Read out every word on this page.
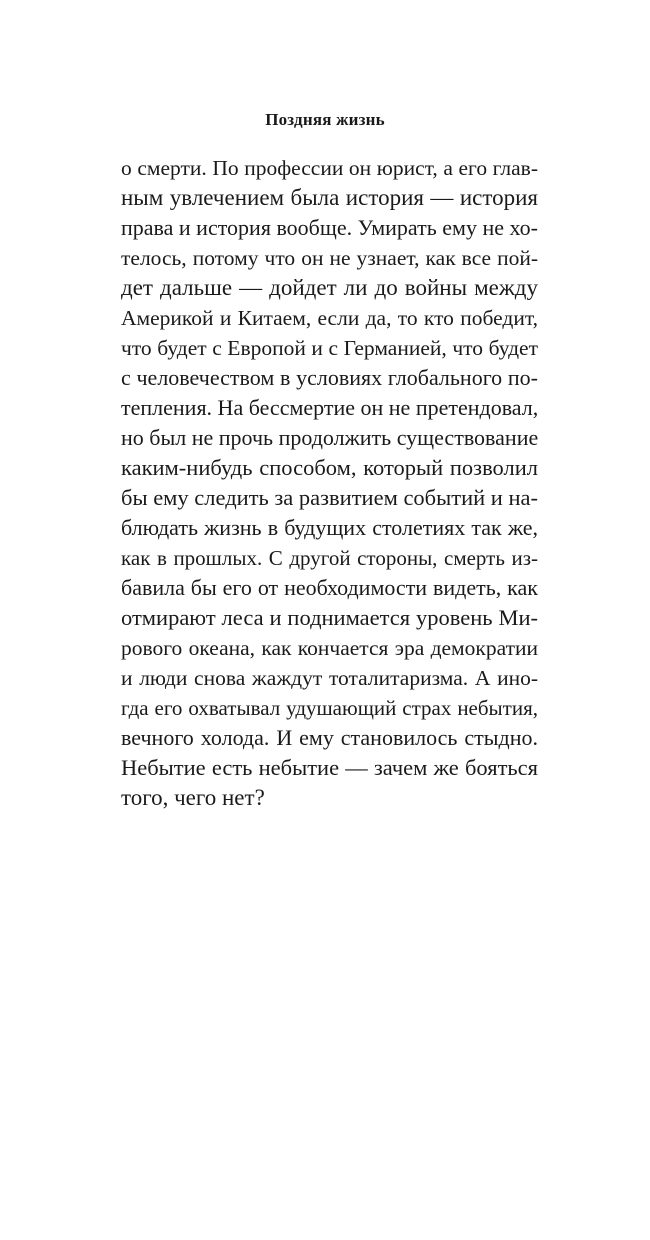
Поздняя жизнь
о смерти. По профессии он юрист, а его глав-
ным увлечением была история — история
права и история вообще. Умирать ему не хо-
телось, потому что он не узнает, как все пой-
дет дальше — дойдет ли до войны между
Америкой и Китаем, если да, то кто победит,
что будет с Европой и с Германией, что будет
с человечеством в условиях глобального по-
тепления. На бессмертие он не претендовал,
но был не прочь продолжить существование
каким-нибудь способом, который позволил
бы ему следить за развитием событий и на-
блюдать жизнь в будущих столетиях так же,
как в прошлых. С другой стороны, смерть из-
бавила бы его от необходимости видеть, как
отмирают леса и поднимается уровень Ми-
рового океана, как кончается эра демократии
и люди снова жаждут тоталитаризма. А ино-
гда его охватывал удушающий страх небытия,
вечного холода. И ему становилось стыдно.
Небытие есть небытие — зачем же бояться
того, чего нет?
